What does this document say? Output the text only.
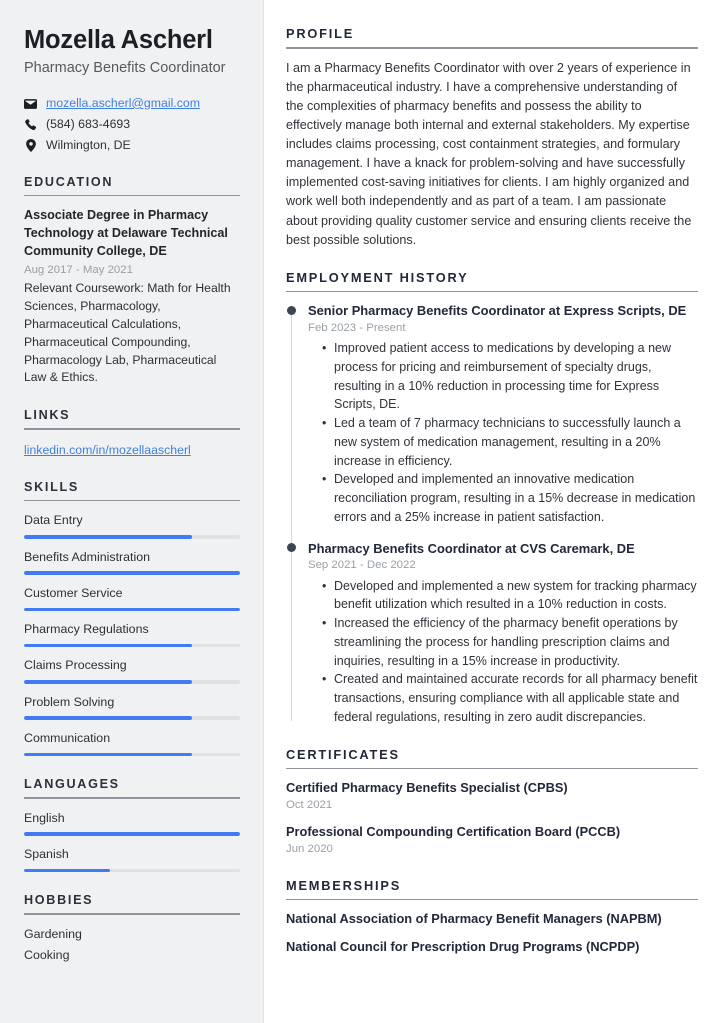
Mozella Ascherl
Pharmacy Benefits Coordinator
mozella.ascherl@gmail.com
(584) 683-4693
Wilmington, DE
EDUCATION
Associate Degree in Pharmacy Technology at Delaware Technical Community College, DE
Aug 2017 - May 2021
Relevant Coursework: Math for Health Sciences, Pharmacology, Pharmaceutical Calculations, Pharmaceutical Compounding, Pharmacology Lab, Pharmaceutical Law & Ethics.
LINKS
linkedin.com/in/mozellaascherl
SKILLS
Data Entry
Benefits Administration
Customer Service
Pharmacy Regulations
Claims Processing
Problem Solving
Communication
LANGUAGES
English
Spanish
HOBBIES
Gardening
Cooking
PROFILE

I am a Pharmacy Benefits Coordinator with over 2 years of experience in the pharmaceutical industry. I have a comprehensive understanding of the complexities of pharmacy benefits and possess the ability to effectively manage both internal and external stakeholders. My expertise includes claims processing, cost containment strategies, and formulary management. I have a knack for problem-solving and have successfully implemented cost-saving initiatives for clients. I am highly organized and work well both independently and as part of a team. I am passionate about providing quality customer service and ensuring clients receive the best possible solutions.

EMPLOYMENT HISTORY
Senior Pharmacy Benefits Coordinator at Express Scripts, DE
Feb 2023 - Present
• Improved patient access to medications by developing a new process for pricing and reimbursement of specialty drugs, resulting in a 10% reduction in processing time for Express Scripts, DE.
• Led a team of 7 pharmacy technicians to successfully launch a new system of medication management, resulting in a 20% increase in efficiency.
• Developed and implemented an innovative medication reconciliation program, resulting in a 15% decrease in medication errors and a 25% increase in patient satisfaction.
Pharmacy Benefits Coordinator at CVS Caremark, DE
Sep 2021 - Dec 2022
• Developed and implemented a new system for tracking pharmacy benefit utilization which resulted in a 10% reduction in costs.
• Increased the efficiency of the pharmacy benefit operations by streamlining the process for handling prescription claims and inquiries, resulting in a 15% increase in productivity.
• Created and maintained accurate records for all pharmacy benefit transactions, ensuring compliance with all applicable state and federal regulations, resulting in zero audit discrepancies.
CERTIFICATES
Certified Pharmacy Benefits Specialist (CPBS)
Oct 2021
Professional Compounding Certification Board (PCCB)
Jun 2020
MEMBERSHIPS
National Association of Pharmacy Benefit Managers (NAPBM)
National Council for Prescription Drug Programs (NCPDP)
